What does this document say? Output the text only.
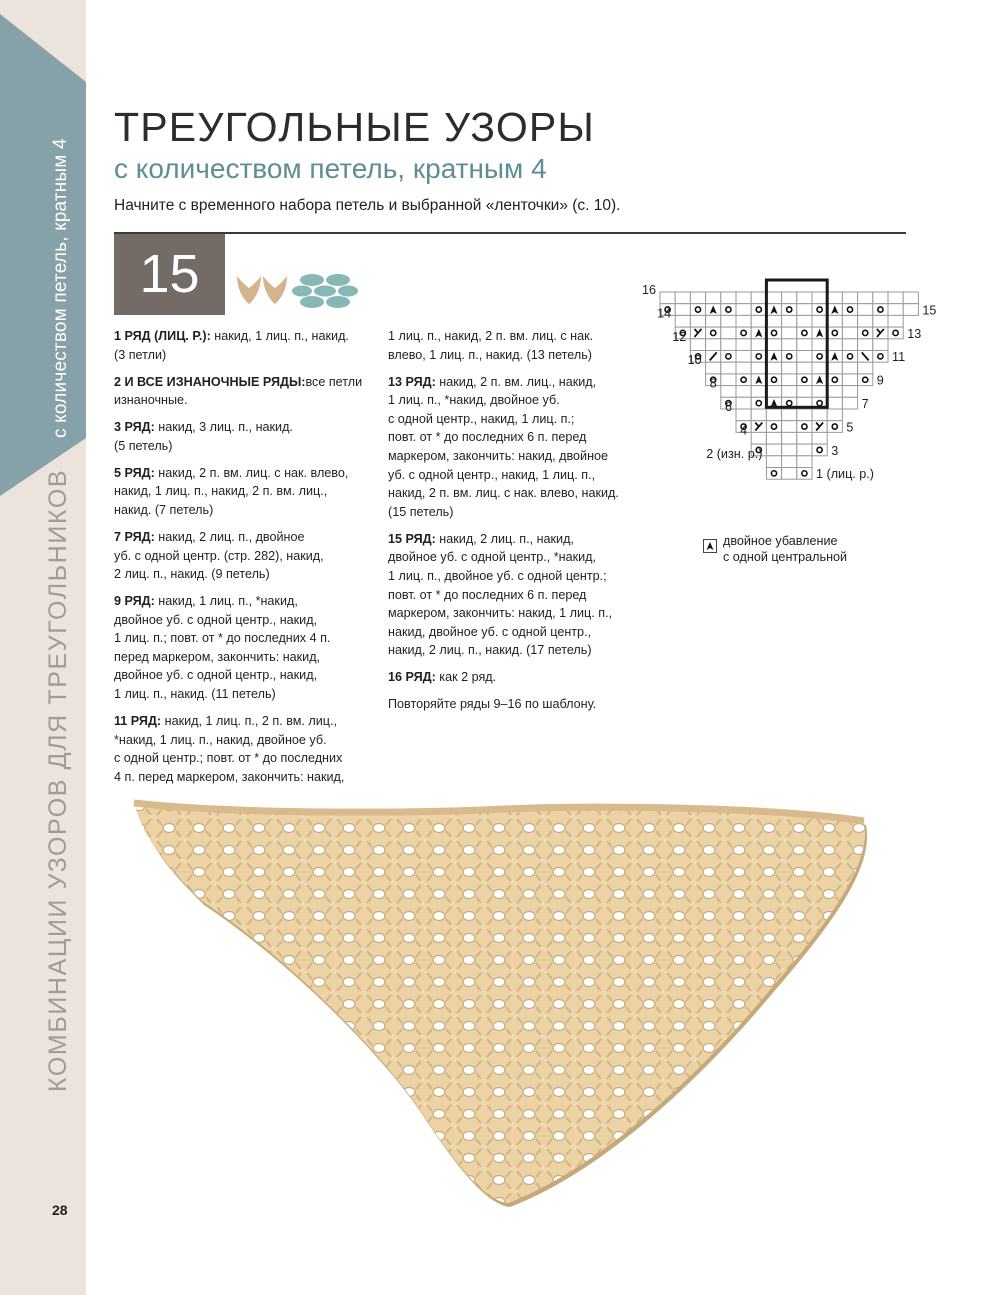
с количеством петель, кратным 4
КОМБИНАЦИИ УЗОРОВ ДЛЯ ТРЕУГОЛЬНИКОВ
28
ТРЕУГОЛЬНЫЕ УЗОРЫ
с количеством петель, кратным 4

Начните с временного набора петель и выбранной «ленточки» (с. 10).

15

1 РЯД (ЛИЦ. Р.): накид, 1 лиц. п., накид.
(3 петли)

2 И ВСЕ ИЗНАНОЧНЫЕ РЯДЫ:все петли изнаночные.

3 РЯД: накид, 3 лиц. п., накид.
(5 петель)

5 РЯД: накид, 2 п. вм. лиц. с нак. влево,
накид, 1 лиц. п., накид, 2 п. вм. лиц.,
накид. (7 петель)

7 РЯД: накид, 2 лиц. п., двойное
уб. с одной центр. (стр. 282), накид,
2 лиц. п., накид. (9 петель)

9 РЯД: накид, 1 лиц. п., *накид,
двойное уб. с одной центр., накид,
1 лиц. п.; повт. от * до последних 4 п.
перед маркером, закончить: накид,
двойное уб. с одной центр., накид,
1 лиц. п., накид. (11 петель)

11 РЯД: накид, 1 лиц. п., 2 п. вм. лиц.,
*накид, 1 лиц. п., накид, двойное уб.
с одной центр.; повт. от * до последних
4 п. перед маркером, закончить: накид,

1 лиц. п., накид, 2 п. вм. лиц. с нак.
влево, 1 лиц. п., накид. (13 петель)

13 РЯД: накид, 2 п. вм. лиц., накид,
1 лиц. п., *накид, двойное уб.
с одной центр., накид, 1 лиц. п.;
повт. от * до последних 6 п. перед
маркером, закончить: накид, двойное
уб. с одной центр., накид, 1 лиц. п.,
накид, 2 п. вм. лиц. с нак. влево, накид.
(15 петель)

15 РЯД: накид, 2 лиц. п., накид,
двойное уб. с одной центр., *накид,
1 лиц. п., двойное уб. с одной центр.;
повт. от * до последних 6 п. перед
маркером, закончить: накид, 1 лиц. п.,
накид, двойное уб. с одной центр.,
накид, 2 лиц. п., накид. (17 петель)

16 РЯД: как 2 ряд.

Повторяйте ряды 9–16 по шаблону.

16
14
12
10
8
6
4
2 (изн. р.)
15
13
11
9
7
5
3
1 (лиц. р.)
двойное убавление
с одной центральной
